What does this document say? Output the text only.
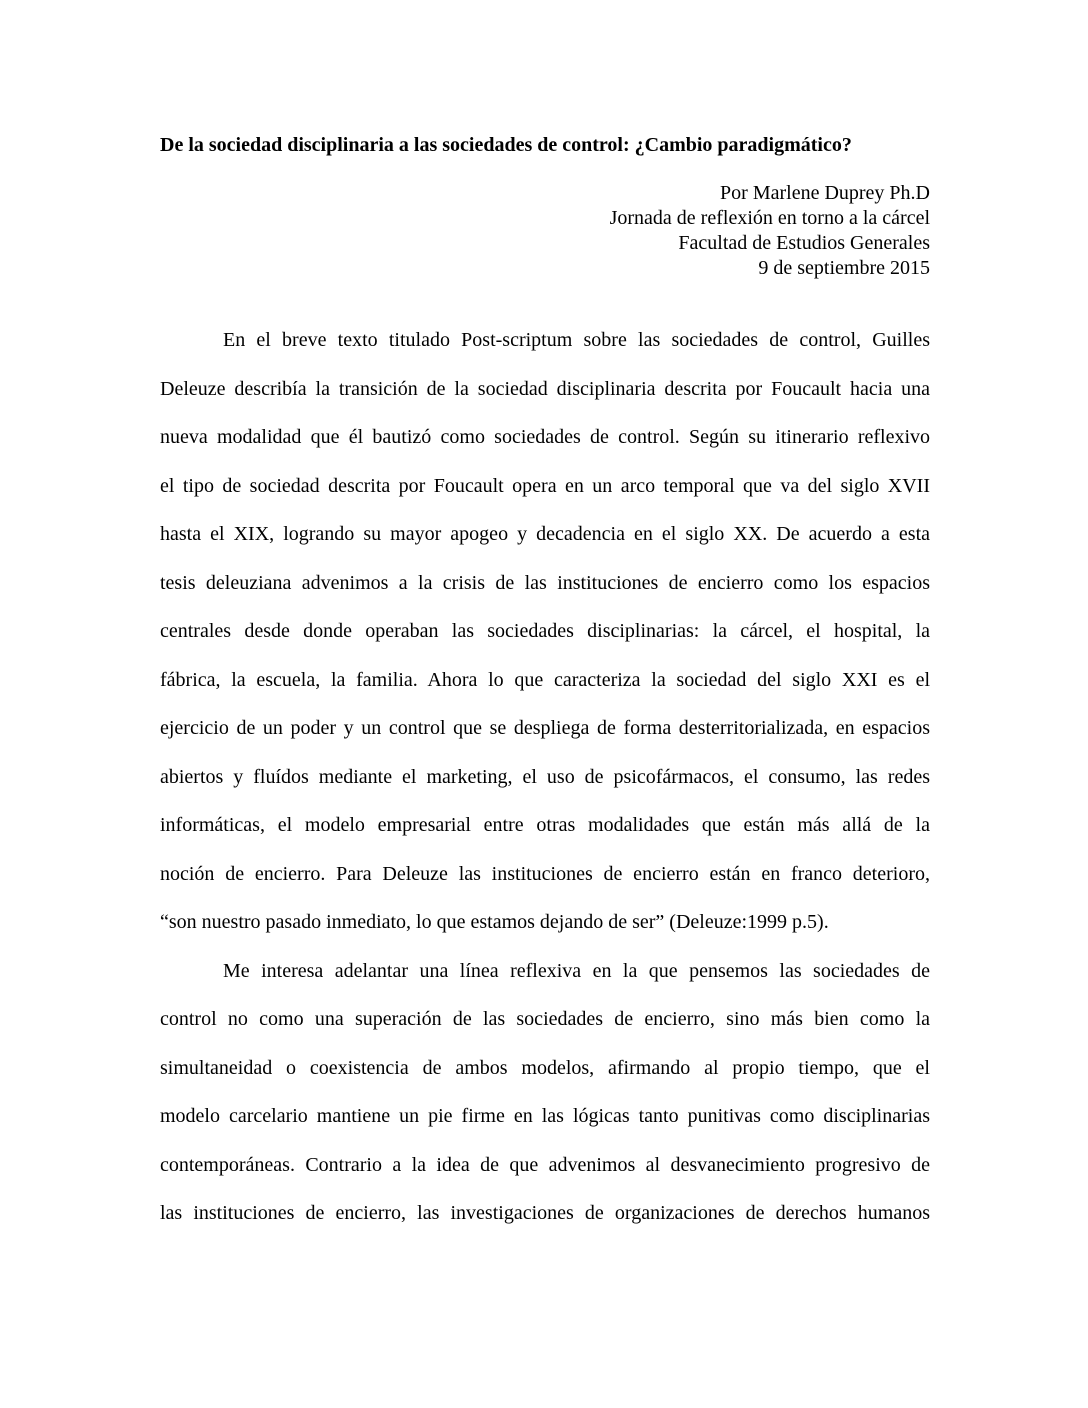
De la sociedad disciplinaria a las sociedades de control: ¿Cambio paradigmático?
Por Marlene Duprey Ph.D
Jornada de reflexión en torno a la cárcel
Facultad de Estudios Generales
9 de septiembre 2015
En el breve texto titulado Post-scriptum sobre las sociedades de control, Guilles
Deleuze describía la transición de la sociedad disciplinaria descrita por Foucault hacia una
nueva modalidad que él bautizó como sociedades de control. Según su itinerario reflexivo
el tipo de sociedad descrita por Foucault opera en un arco temporal que va del siglo XVII
hasta el XIX, logrando su mayor apogeo y decadencia en el siglo XX. De acuerdo a esta
tesis deleuziana advenimos a la crisis de las instituciones de encierro como los espacios
centrales desde donde operaban las sociedades disciplinarias: la cárcel, el hospital, la
fábrica, la escuela, la familia. Ahora lo que caracteriza la sociedad del siglo XXI es el
ejercicio de un poder y un control que se despliega de forma desterritorializada, en espacios
abiertos y fluídos mediante el marketing, el uso de psicofármacos, el consumo, las redes
informáticas, el modelo empresarial entre otras modalidades que están más allá de la
noción de encierro. Para Deleuze las instituciones de encierro están en franco deterioro,
“son nuestro pasado inmediato, lo que estamos dejando de ser” (Deleuze:1999 p.5).
Me interesa adelantar una línea reflexiva en la que pensemos las sociedades de
control no como una superación de las sociedades de encierro, sino más bien como la
simultaneidad o coexistencia de ambos modelos, afirmando al propio tiempo, que el
modelo carcelario mantiene un pie firme en las lógicas tanto punitivas como disciplinarias
contemporáneas. Contrario a la idea de que advenimos al desvanecimiento progresivo de
las instituciones de encierro, las investigaciones de organizaciones de derechos humanos
